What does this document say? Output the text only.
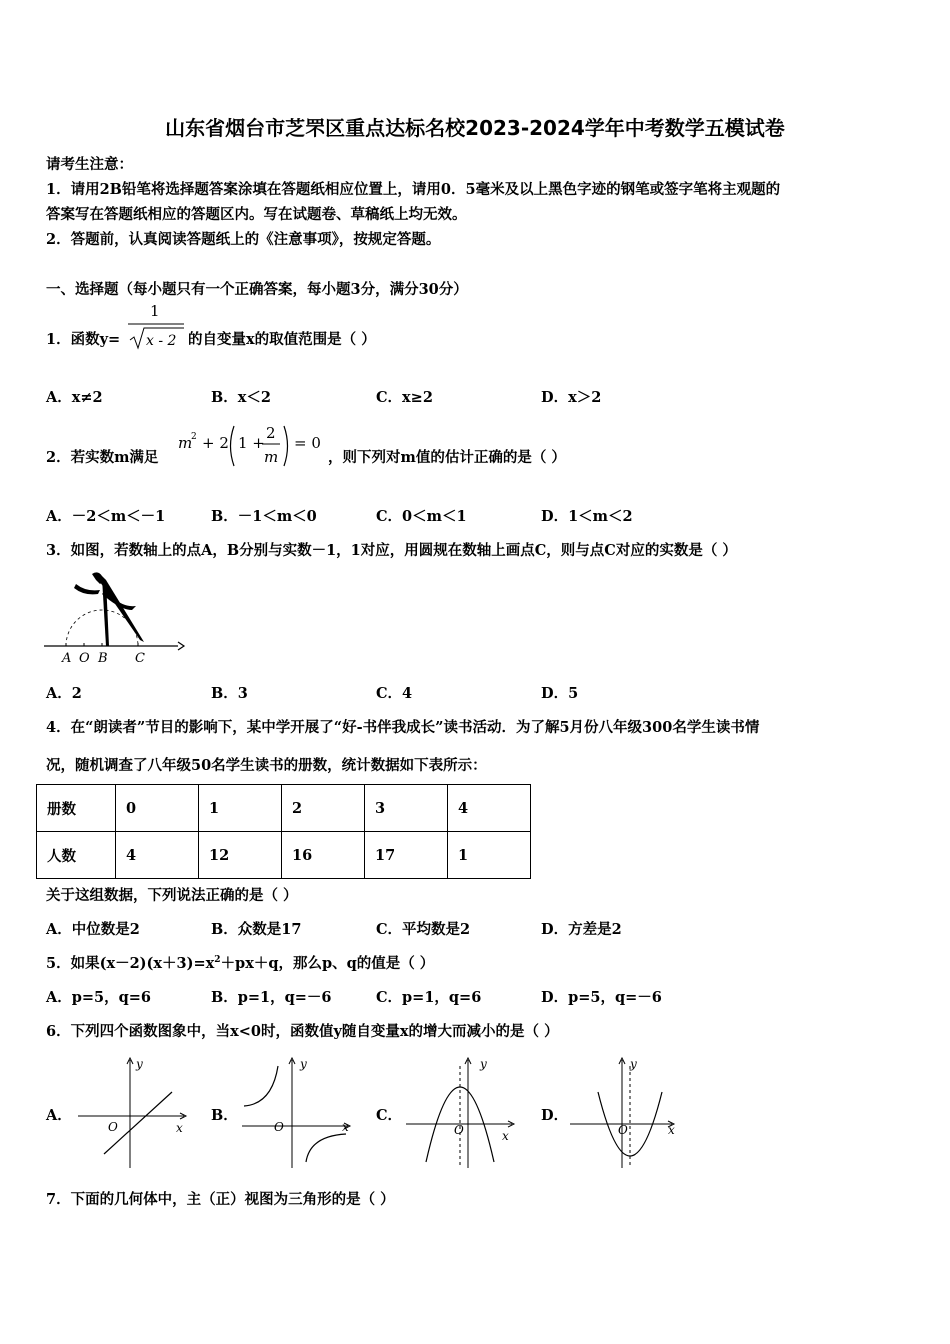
山东省烟台市芝罘区重点达标名校2023-2024学年中考数学五模试卷
请考生注意：
1．请用2B铅笔将选择题答案涂填在答题纸相应位置上，请用0．5毫米及以上黑色字迹的钢笔或签字笔将主观题的
答案写在答题纸相应的答题区内。写在试题卷、草稿纸上均无效。
2．答题前，认真阅读答题纸上的《注意事项》，按规定答题。
一、选择题（每小题只有一个正确答案，每小题3分，满分30分）
1．函数y=
1
x - 2 的自变量x的取值范围是（ ）
A．x≠2	B．x＜2	C．x≥2	D．x＞2
2．若实数m满足
m
2 + 2 1 +
2
m
= 0
，则下列对m值的估计正确的是（ ）
A．－2＜m＜－1	B．－1＜m＜0	C．0＜m＜1	D．1＜m＜2
3．如图，若数轴上的点A，B分别与实数－1，1对应，用圆规在数轴上画点C，则与点C对应的实数是（ ）
A O B C
A．2	B．3	C．4	D．5
4．在“朗读者”节目的影响下，某中学开展了“好-书伴我成长”读书活动．为了解5月份八年级300名学生读书情
况，随机调查了八年级50名学生读书的册数，统计数据如下表所示：
册数	0	1	2	3	4
人数	4	12	16	17	1
关于这组数据，下列说法正确的是（ ）
A．中位数是2	B．众数是17	C．平均数是2	D．方差是2
5．如果$(x-2)(x+3)=x^2+px+q$，那么p、q的值是（ ）
A．p=5，q=6	B．p=1，q=－6	C．p=1，q=6	D．p=5，q=－6
6．下列四个函数图象中，当x<0时，函数值y随自变量x的增大而减小的是（ ）
A．
x
y
O
B．
x
y
O
C．
x
y
O
D．
x
y
O
7．下面的几何体中，主（正）视图为三角形的是（ ）
